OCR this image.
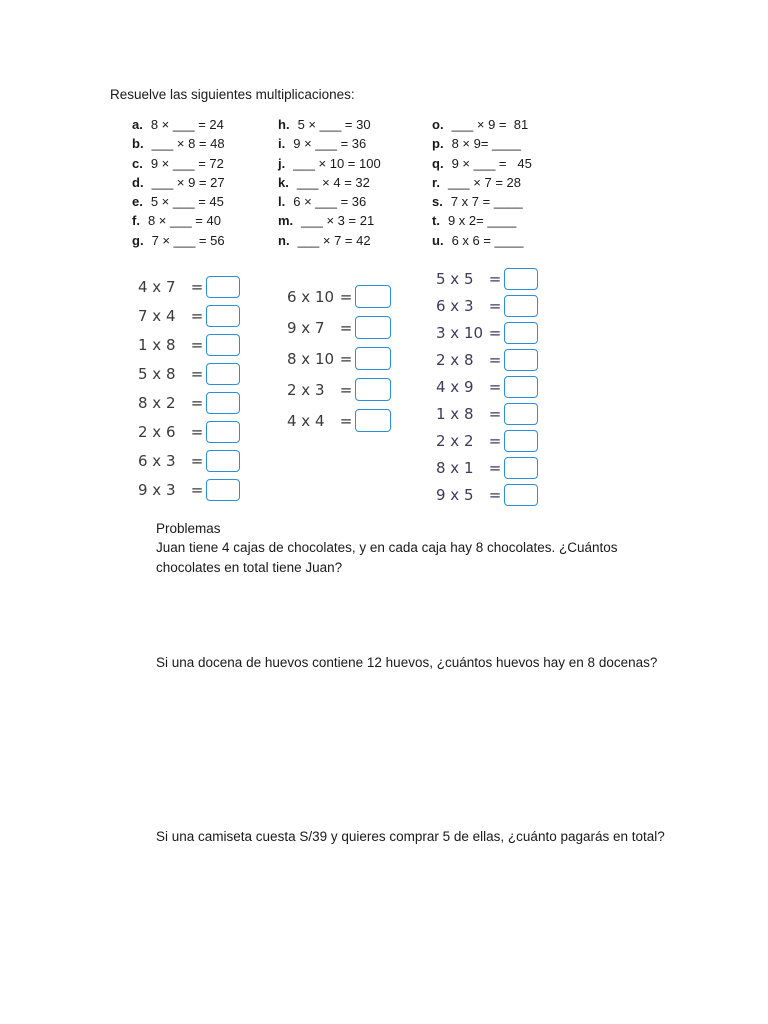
Resuelve las siguientes multiplicaciones:
a. 8 × ___ = 24
b. ___ × 8 = 48
c. 9 × ___ = 72
d. ___ × 9 = 27
e. 5 × ___ = 45
f. 8 × ___ = 40
g. 7 × ___ = 56
h. 5 × ___ = 30
i. 9 × ___ = 36
j. ___ × 10 = 100
k. ___ × 4 = 32
l. 6 × ___ = 36
m. ___ × 3 = 21
n. ___ × 7 = 42
o. ___ × 9 =  81
p. 8 × 9= ____
q. 9 × ___ =   45
r. ___ × 7 = 28
s. 7 x 7 = ____
t. 9 x 2= ____
u. 6 x 6 = ____
4 x 7	=
7 x 4	=
1 x 8	=
5 x 8	=
8 x 2	=
2 x 6	=
6 x 3	=
9 x 3	=
6 x 10 =
9 x 7	=
8 x 10 =
2 x 3	=
4 x 4	=
5 x 5	=
6 x 3	=
3 x 10 =
2 x 8	=
4 x 9	=
1 x 8	=
2 x 2	=
8 x 1	=
9 x 5	=
Problemas
Juan tiene 4 cajas de chocolates, y en cada caja hay 8 chocolates. ¿Cuántos chocolates en total tiene Juan?
Si una docena de huevos contiene 12 huevos, ¿cuántos huevos hay en 8 docenas?
Si una camiseta cuesta S/39 y quieres comprar 5 de ellas, ¿cuánto pagarás en total?
